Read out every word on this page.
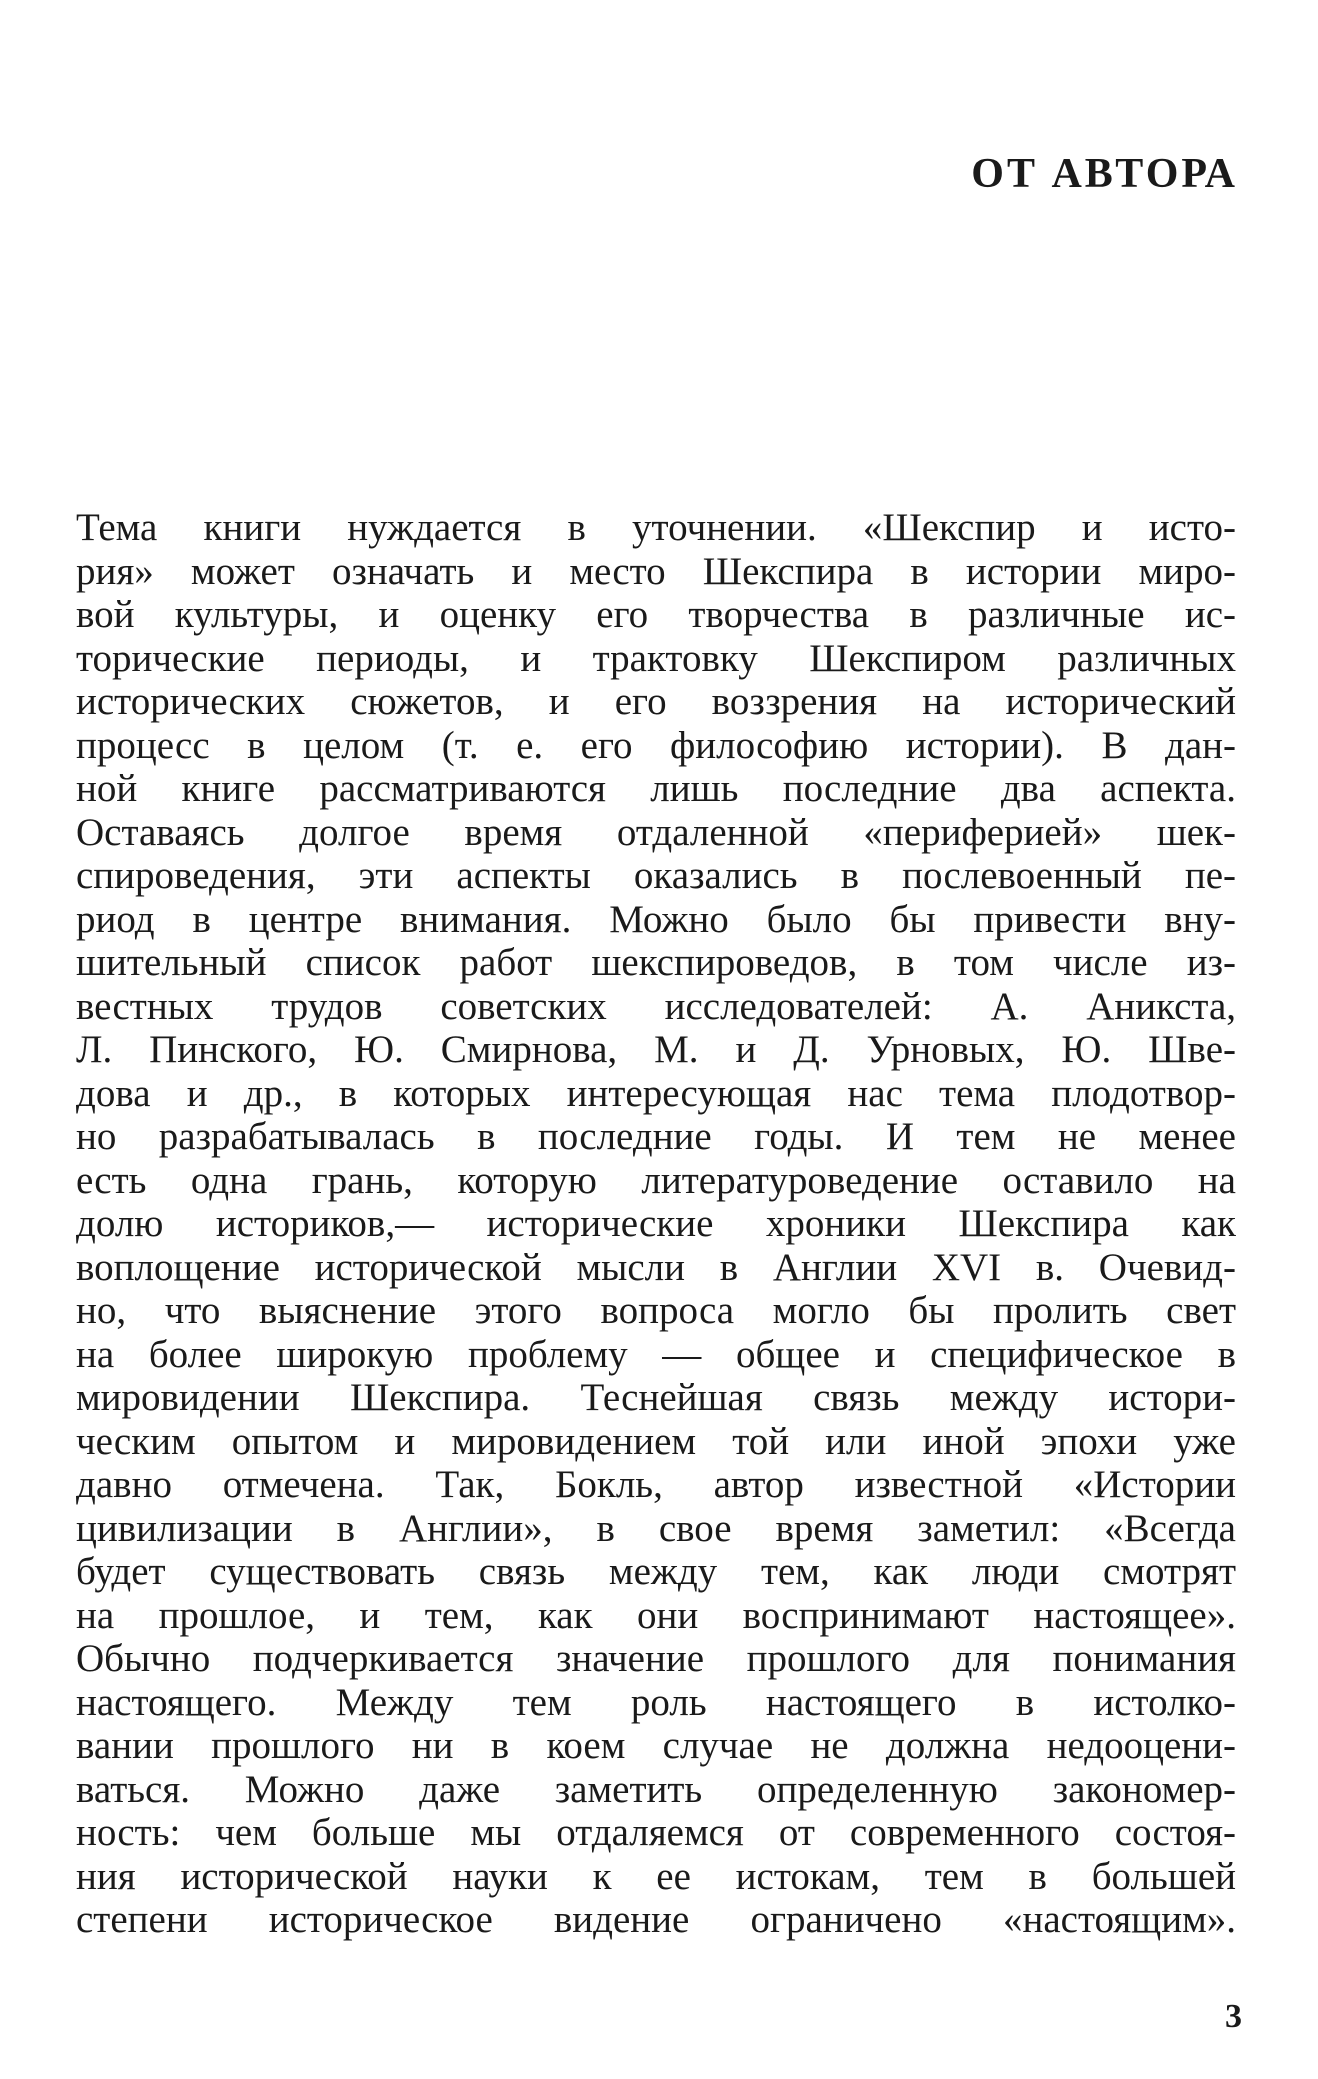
ОТ АВТОРА
Тема книги нуждается в уточнении. «Шекспир и исто-
рия» может означать и место Шекспира в истории миро-
вой культуры, и оценку его творчества в различные ис-
торические периоды, и трактовку Шекспиром различных
исторических сюжетов, и его воззрения на исторический
процесс в целом (т. е. его философию истории). В дан-
ной книге рассматриваются лишь последние два аспекта.
Оставаясь долгое время отдаленной «периферией» шек-
спироведения, эти аспекты оказались в послевоенный пе-
риод в центре внимания. Можно было бы привести вну-
шительный список работ шекспироведов, в том числе из-
вестных трудов советских исследователей: А. Аникста,
Л. Пинского, Ю. Смирнова, М. и Д. Урновых, Ю. Шве-
дова и др., в которых интересующая нас тема плодотвор-
но разрабатывалась в последние годы. И тем не менее
есть одна грань, которую литературоведение оставило на
долю историков,— исторические хроники Шекспира как
воплощение исторической мысли в Англии XVI в. Очевид-
но, что выяснение этого вопроса могло бы пролить свет
на более широкую проблему — общее и специфическое в
мировидении Шекспира. Теснейшая связь между истори-
ческим опытом и мировидением той или иной эпохи уже
давно отмечена. Так, Бокль, автор известной «Истории
цивилизации в Англии», в свое время заметил: «Всегда
будет существовать связь между тем, как люди смотрят
на прошлое, и тем, как они воспринимают настоящее».
Обычно подчеркивается значение прошлого для понимания
настоящего. Между тем роль настоящего в истолко-
вании прошлого ни в коем случае не должна недооцени-
ваться. Можно даже заметить определенную закономер-
ность: чем больше мы отдаляемся от современного состоя-
ния исторической науки к ее истокам, тем в большей
степени историческое видение ограничено «настоящим».
3
